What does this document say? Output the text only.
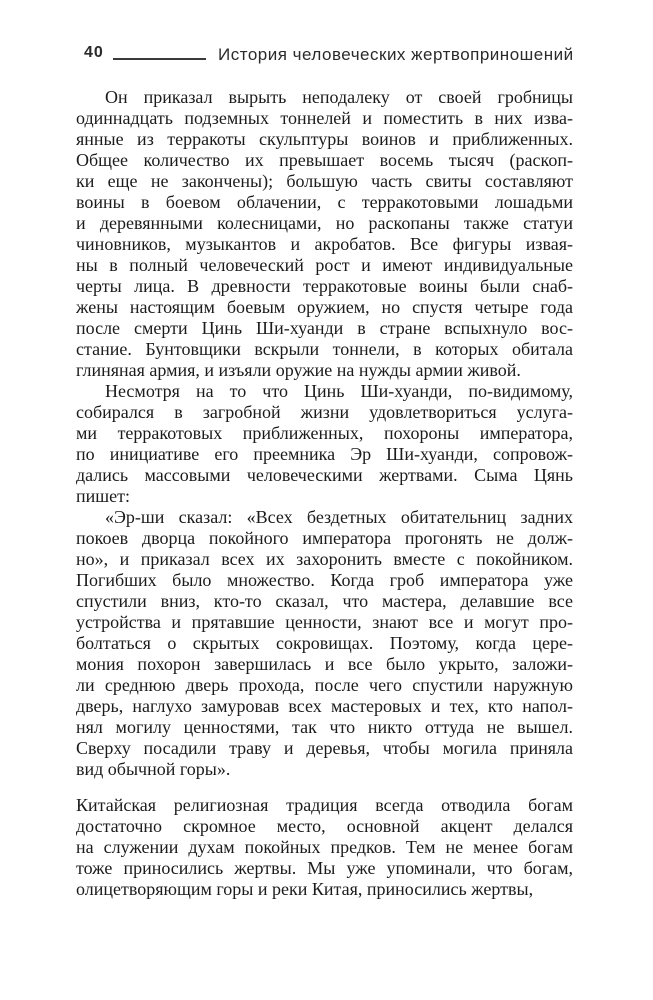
40	История человеческих жертвоприношений
Он приказал вырыть неподалеку от своей гробницы
одиннадцать подземных тоннелей и поместить в них изва-
янные из терракоты скульптуры воинов и приближенных.
Общее количество их превышает восемь тысяч (раскоп-
ки еще не закончены); большую часть свиты составляют
воины в боевом облачении, с терракотовыми лошадьми
и деревянными колесницами, но раскопаны также статуи
чиновников, музыкантов и акробатов. Все фигуры извая-
ны в полный человеческий рост и имеют индивидуальные
черты лица. В древности терракотовые воины были снаб-
жены настоящим боевым оружием, но спустя четыре года
после смерти Цинь Ши-хуанди в стране вспыхнуло вос-
стание. Бунтовщики вскрыли тоннели, в которых обитала
глиняная армия, и изъяли оружие на нужды армии живой.
Несмотря на то что Цинь Ши-хуанди, по-видимому,
собирался в загробной жизни удовлетвориться услуга-
ми терракотовых приближенных, похороны императора,
по инициативе его преемника Эр Ши-хуанди, сопровож-
дались массовыми человеческими жертвами. Сыма Цянь
пишет:
«Эр-ши сказал: «Всех бездетных обитательниц задних
покоев дворца покойного императора прогонять не долж-
но», и приказал всех их захоронить вместе с покойником.
Погибших было множество. Когда гроб императора уже
спустили вниз, кто-то сказал, что мастера, делавшие все
устройства и прятавшие ценности, знают все и могут про-
болтаться о скрытых сокровищах. Поэтому, когда цере-
мония похорон завершилась и все было укрыто, заложи-
ли среднюю дверь прохода, после чего спустили наружную
дверь, наглухо замуровав всех мастеровых и тех, кто напол-
нял могилу ценностями, так что никто оттуда не вышел.
Сверху посадили траву и деревья, чтобы могила приняла
вид обычной горы».
Китайская религиозная традиция всегда отводила богам
достаточно скромное место, основной акцент делался
на служении духам покойных предков. Тем не менее богам
тоже приносились жертвы. Мы уже упоминали, что богам,
олицетворяющим горы и реки Китая, приносились жертвы,
